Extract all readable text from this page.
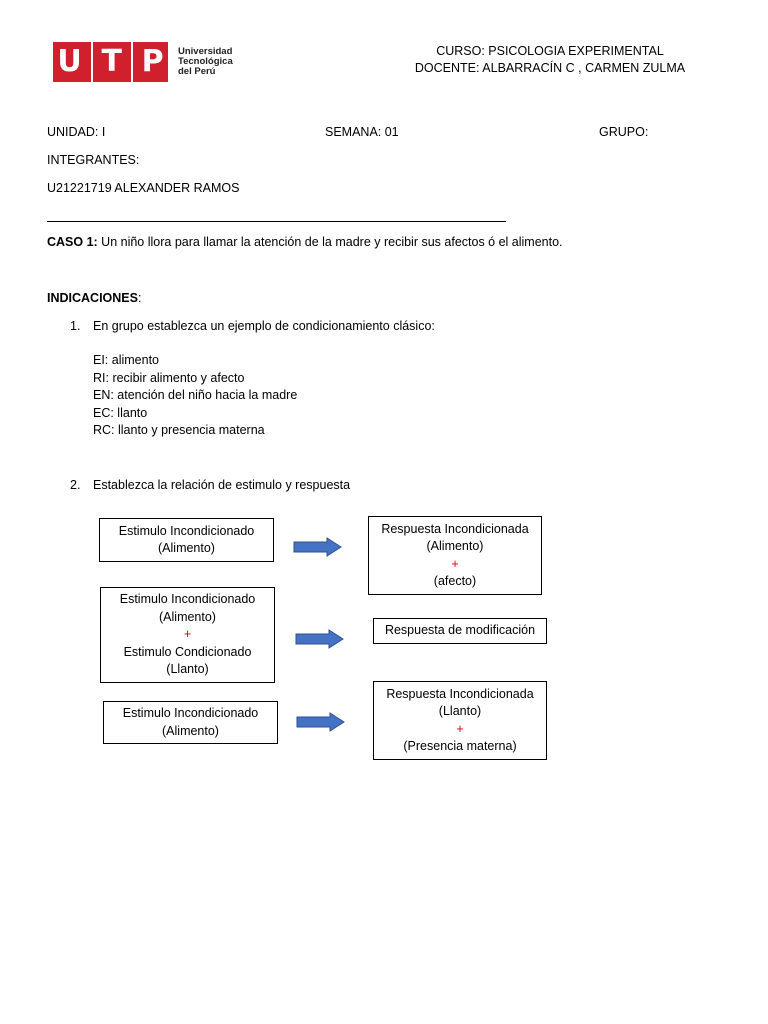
U T P Universidad
Tecnológica
del Perú
CURSO: PSICOLOGIA EXPERIMENTAL
DOCENTE: ALBARRACÍN C , CARMEN ZULMA
UNIDAD: I	SEMANA: 01	GRUPO:
INTEGRANTES:
U21221719 ALEXANDER RAMOS
CASO 1: Un niño llora para llamar la atención de la madre y recibir sus afectos ó el alimento.
INDICACIONES:
1. En grupo establezca un ejemplo de condicionamiento clásico:
EI: alimento
RI: recibir alimento y afecto
EN: atención del niño hacia la madre
EC: llanto
RC: llanto y presencia materna
2. Establezca la relación de estimulo y respuesta
Estimulo Incondicionado
(Alimento)
Respuesta Incondicionada
(Alimento)
+
(afecto)
Estimulo Incondicionado
(Alimento)
+
Estimulo Condicionado
(Llanto)
Respuesta de modificación
Estimulo Incondicionado
(Alimento)
Respuesta Incondicionada
(Llanto)
+
(Presencia materna)
